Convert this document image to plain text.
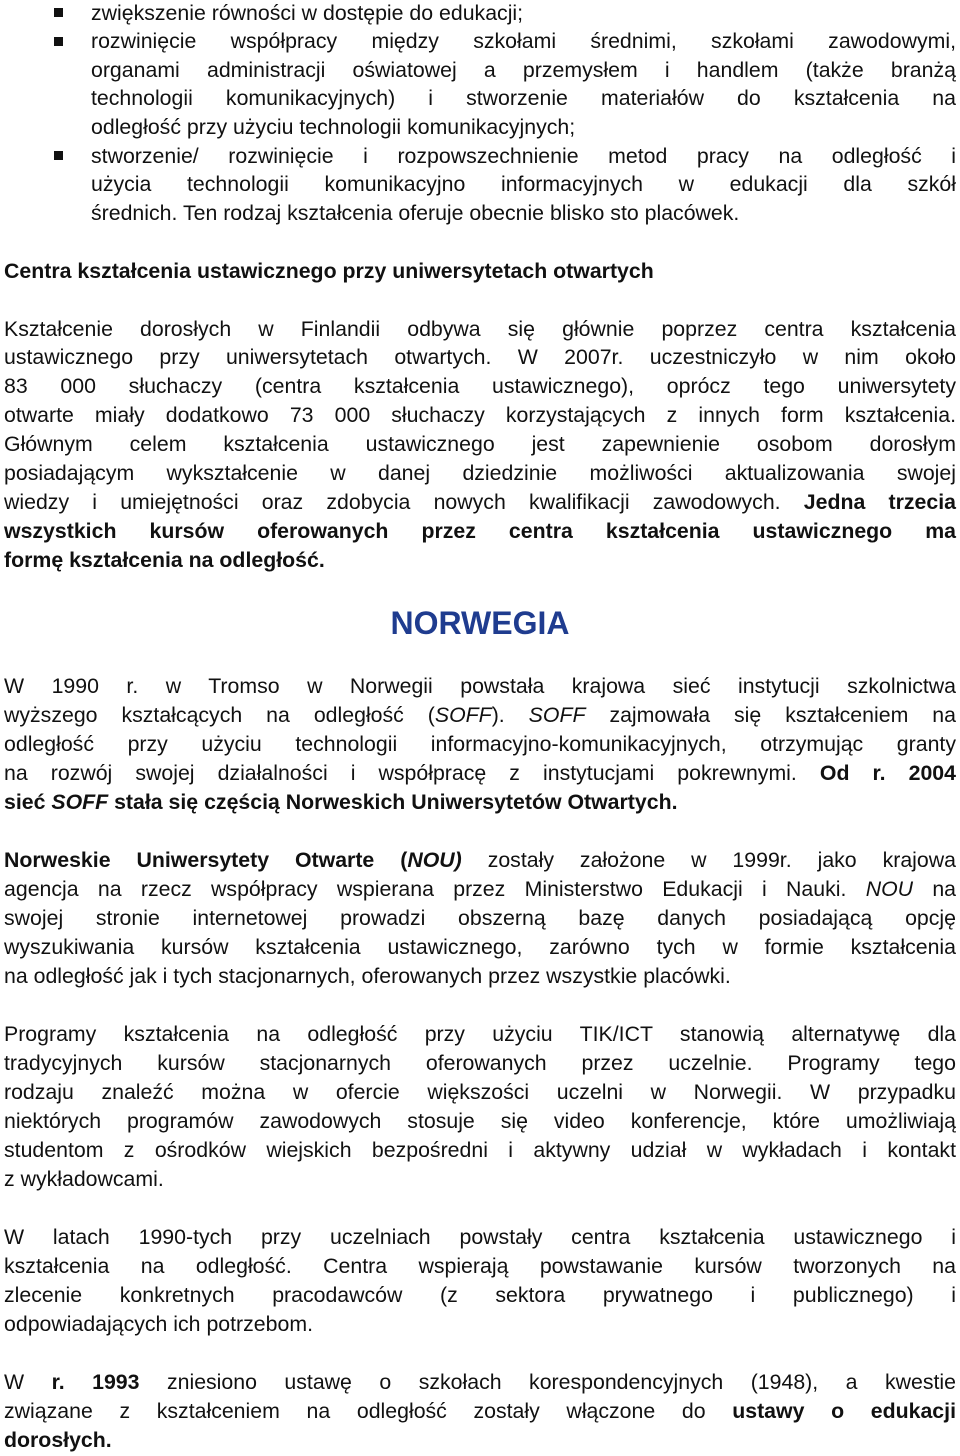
zwiększenie równości w dostępie do edukacji;
rozwinięcie współpracy między szkołami średnimi, szkołami zawodowymi,
organami administracji oświatowej a przemysłem i handlem (także branżą
technologii komunikacyjnych) i stworzenie materiałów do kształcenia na
odległość przy użyciu technologii komunikacyjnych;
stworzenie/ rozwinięcie i rozpowszechnienie metod pracy na odległość i
użycia technologii komunikacyjno informacyjnych w edukacji dla szkół
średnich. Ten rodzaj kształcenia oferuje obecnie blisko sto placówek.
Centra kształcenia ustawicznego przy uniwersytetach otwartych
Kształcenie dorosłych w Finlandii odbywa się głównie poprzez centra kształcenia
ustawicznego przy uniwersytetach otwartych. W 2007r. uczestniczyło w nim około
83 000 słuchaczy (centra kształcenia ustawicznego), oprócz tego uniwersytety
otwarte miały dodatkowo 73 000 słuchaczy korzystających z innych form kształcenia.
Głównym celem kształcenia ustawicznego jest zapewnienie osobom dorosłym
posiadającym wykształcenie w danej dziedzinie możliwości aktualizowania swojej
wiedzy i umiejętności oraz zdobycia nowych kwalifikacji zawodowych. Jedna trzecia
wszystkich kursów oferowanych przez centra kształcenia ustawicznego ma
formę kształcenia na odległość.
NORWEGIA
W 1990 r. w Tromso w Norwegii powstała krajowa sieć instytucji szkolnictwa
wyższego kształcących na odległość (SOFF). SOFF zajmowała się kształceniem na
odległość przy użyciu technologii informacyjno-komunikacyjnych, otrzymując granty
na rozwój swojej działalności i współpracę z instytucjami pokrewnymi. Od r. 2004
sieć SOFF stała się częścią Norweskich Uniwersytetów Otwartych.
Norweskie Uniwersytety Otwarte (NOU) zostały założone w 1999r. jako krajowa
agencja na rzecz współpracy wspierana przez Ministerstwo Edukacji i Nauki. NOU na
swojej stronie internetowej prowadzi obszerną bazę danych posiadającą opcję
wyszukiwania kursów kształcenia ustawicznego, zarówno tych w formie kształcenia
na odległość jak i tych stacjonarnych, oferowanych przez wszystkie placówki.
Programy kształcenia na odległość przy użyciu TIK/ICT stanowią alternatywę dla
tradycyjnych kursów stacjonarnych oferowanych przez uczelnie. Programy tego
rodzaju znaleźć można w ofercie większości uczelni w Norwegii. W przypadku
niektórych programów zawodowych stosuje się video konferencje, które umożliwiają
studentom z ośrodków wiejskich bezpośredni i aktywny udział w wykładach i kontakt
z wykładowcami.
W latach 1990-tych przy uczelniach powstały centra kształcenia ustawicznego i
kształcenia na odległość. Centra wspierają powstawanie kursów tworzonych na
zlecenie konkretnych pracodawców (z sektora prywatnego i publicznego) i
odpowiadających ich potrzebom.
W r. 1993 zniesiono ustawę o szkołach korespondencyjnych (1948), a kwestie
związane z kształceniem na odległość zostały włączone do ustawy o edukacji
dorosłych.
